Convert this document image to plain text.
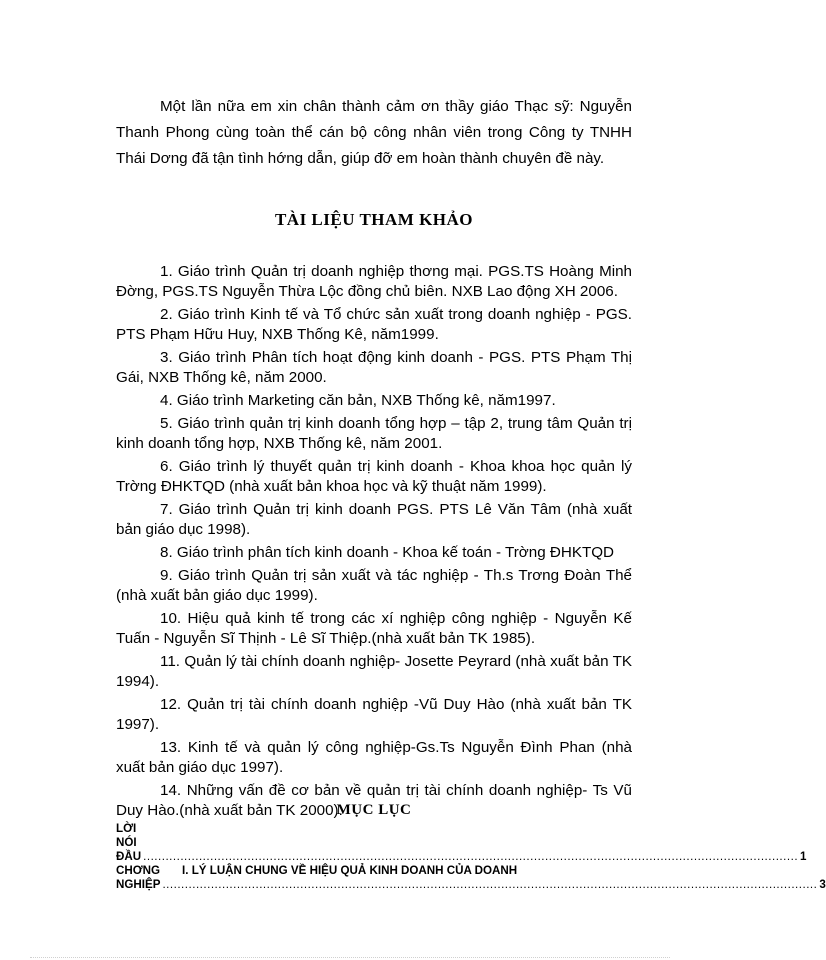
Một lần nữa em xin chân thành cảm ơn thầy giáo Thạc sỹ: Nguyễn Thanh Phong cùng toàn thể cán bộ công nhân viên trong Công ty TNHH Thái Dơng đã tận tình hớng dẫn, giúp đỡ em hoàn thành chuyên đề này.

TÀI LIỆU THAM KHẢO

1. Giáo trình Quản trị doanh nghiệp thơng mại. PGS.TS Hoàng Minh Đờng, PGS.TS Nguyễn Thừa Lộc đồng chủ biên. NXB Lao động XH 2006.

2. Giáo trình Kinh tế và Tổ chức sản xuất trong doanh nghiệp - PGS. PTS Phạm Hữu Huy, NXB Thống Kê, năm1999.

3. Giáo trình Phân tích hoạt động kinh doanh - PGS. PTS Phạm Thị Gái, NXB Thống kê, năm 2000.

4. Giáo trình Marketing căn bản, NXB Thống kê, năm1997.

5. Giáo trình quản trị kinh doanh tổng hợp – tập 2, trung tâm Quản trị kinh doanh tổng hợp, NXB Thống kê, năm 2001.

6. Giáo trình lý thuyết quản trị kinh doanh - Khoa khoa học quản lý Trờng ĐHKTQD (nhà xuất bản khoa học và kỹ thuật năm 1999).

7. Giáo trình Quản trị kinh doanh PGS. PTS Lê Văn Tâm (nhà xuất bản giáo dục 1998).

8. Giáo trình phân tích kinh doanh - Khoa kế toán - Trờng ĐHKTQD

9. Giáo trình Quản trị sản xuất và tác nghiệp - Th.s Trơng Đoàn Thể (nhà xuất bản giáo dục 1999).

10. Hiệu quả kinh tế trong các xí nghiệp công nghiệp - Nguyễn Kế Tuấn - Nguyễn Sĩ Thịnh - Lê Sĩ Thiệp.(nhà xuất bản TK 1985).

11. Quản lý tài chính doanh nghiệp- Josette Peyrard (nhà xuất bản TK 1994).

12. Quản trị tài chính doanh nghiệp -Vũ Duy Hào (nhà xuất bản TK 1997).

13. Kinh tế và quản lý công nghiệp-Gs.Ts Nguyễn Đình Phan (nhà xuất bản giáo dục 1997).

14. Những vấn đề cơ bản về quản trị tài chính doanh nghiệp- Ts Vũ Duy Hào.(nhà xuất bản TK 2000).

MỤC LỤC
LỜI NÓI ĐẦU ................................................................................................................................................................................ 1
CHƠNG I. LÝ LUẬN CHUNG VỀ HIỆU QUẢ KINH DOANH CỦA DOANH
NGHIỆP ................................................................................................................................................................................ 3
